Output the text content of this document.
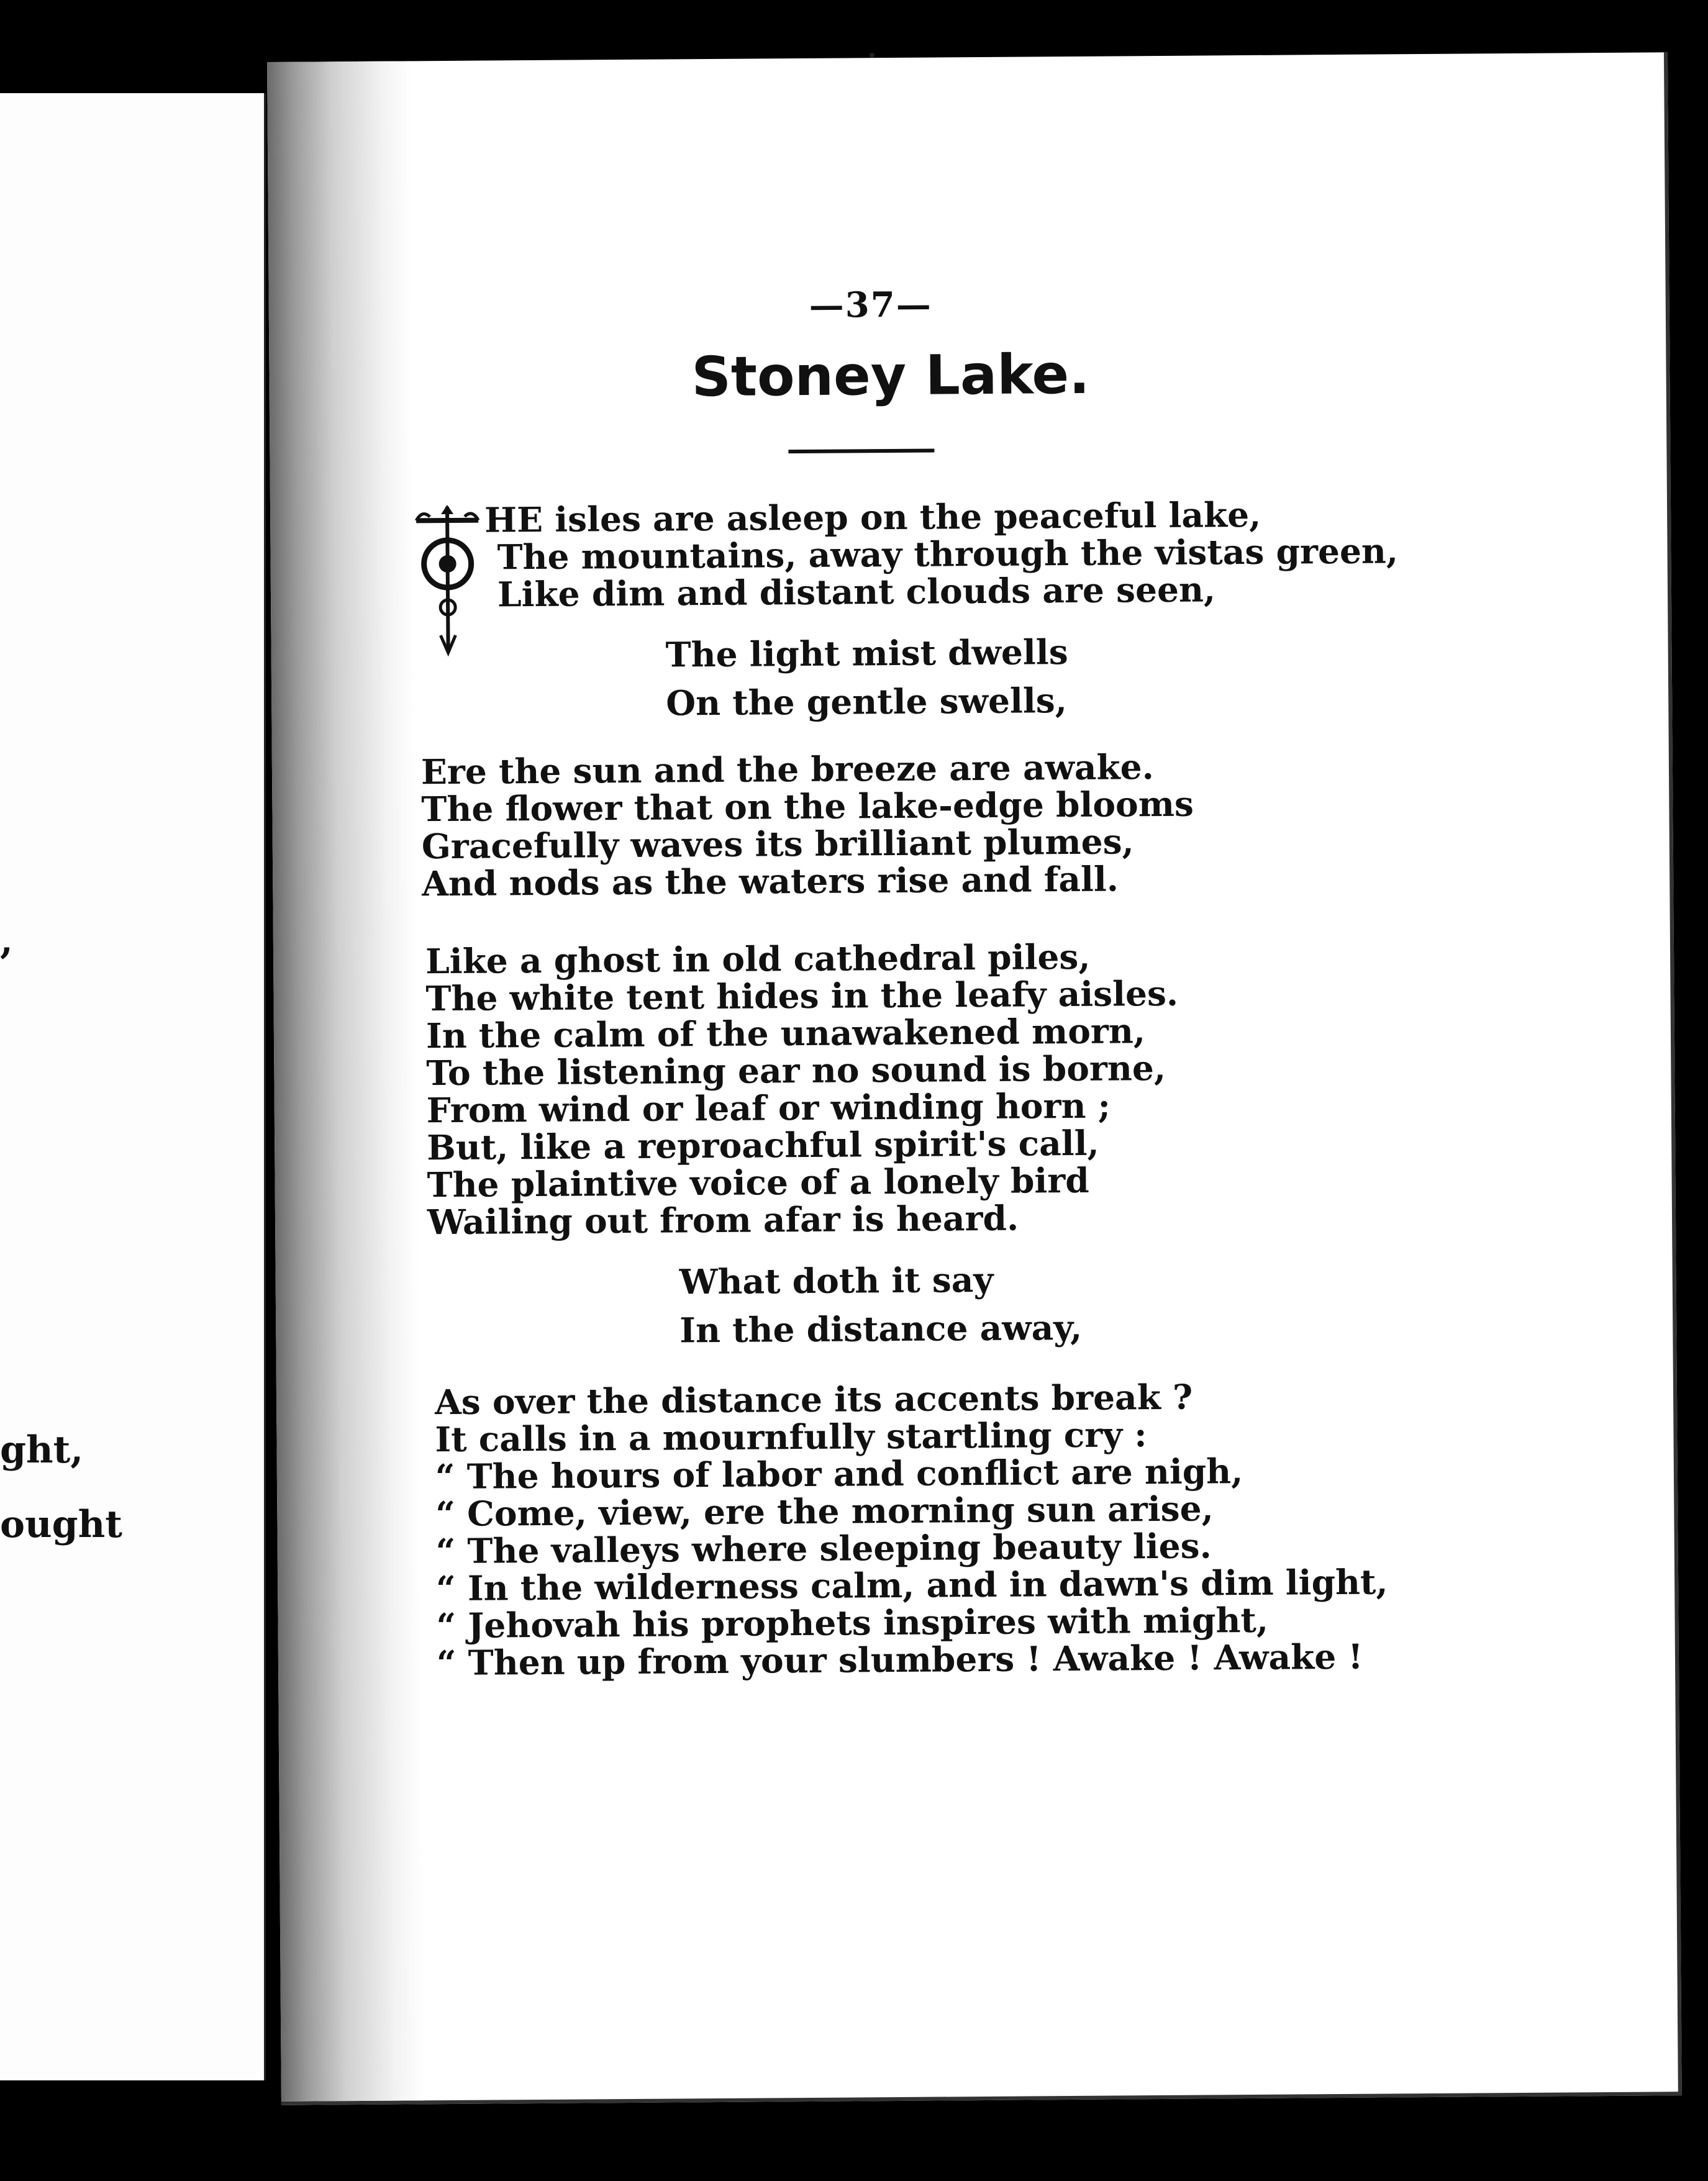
,
ght,
ought
—37—
Stoney Lake.
HE isles are asleep on the peaceful lake,
The mountains, away through the vistas green,
Like dim and distant clouds are seen,
The light mist dwells
On the gentle swells,
Ere the sun and the breeze are awake.
The flower that on the lake-edge blooms
Gracefully waves its brilliant plumes,
And nods as the waters rise and fall.
Like a ghost in old cathedral piles,
The white tent hides in the leafy aisles.
In the calm of the unawakened morn,
To the listening ear no sound is borne,
From wind or leaf or winding horn ;
But, like a reproachful spirit's call,
The plaintive voice of a lonely bird
Wailing out from afar is heard.
What doth it say
In the distance away,
As over the distance its accents break ?
It calls in a mournfully startling cry :
“ The hours of labor and conflict are nigh,
“ Come, view, ere the morning sun arise,
“ The valleys where sleeping beauty lies.
“ In the wilderness calm, and in dawn's dim light,
“ Jehovah his prophets inspires with might,
“ Then up from your slumbers ! Awake ! Awake !
